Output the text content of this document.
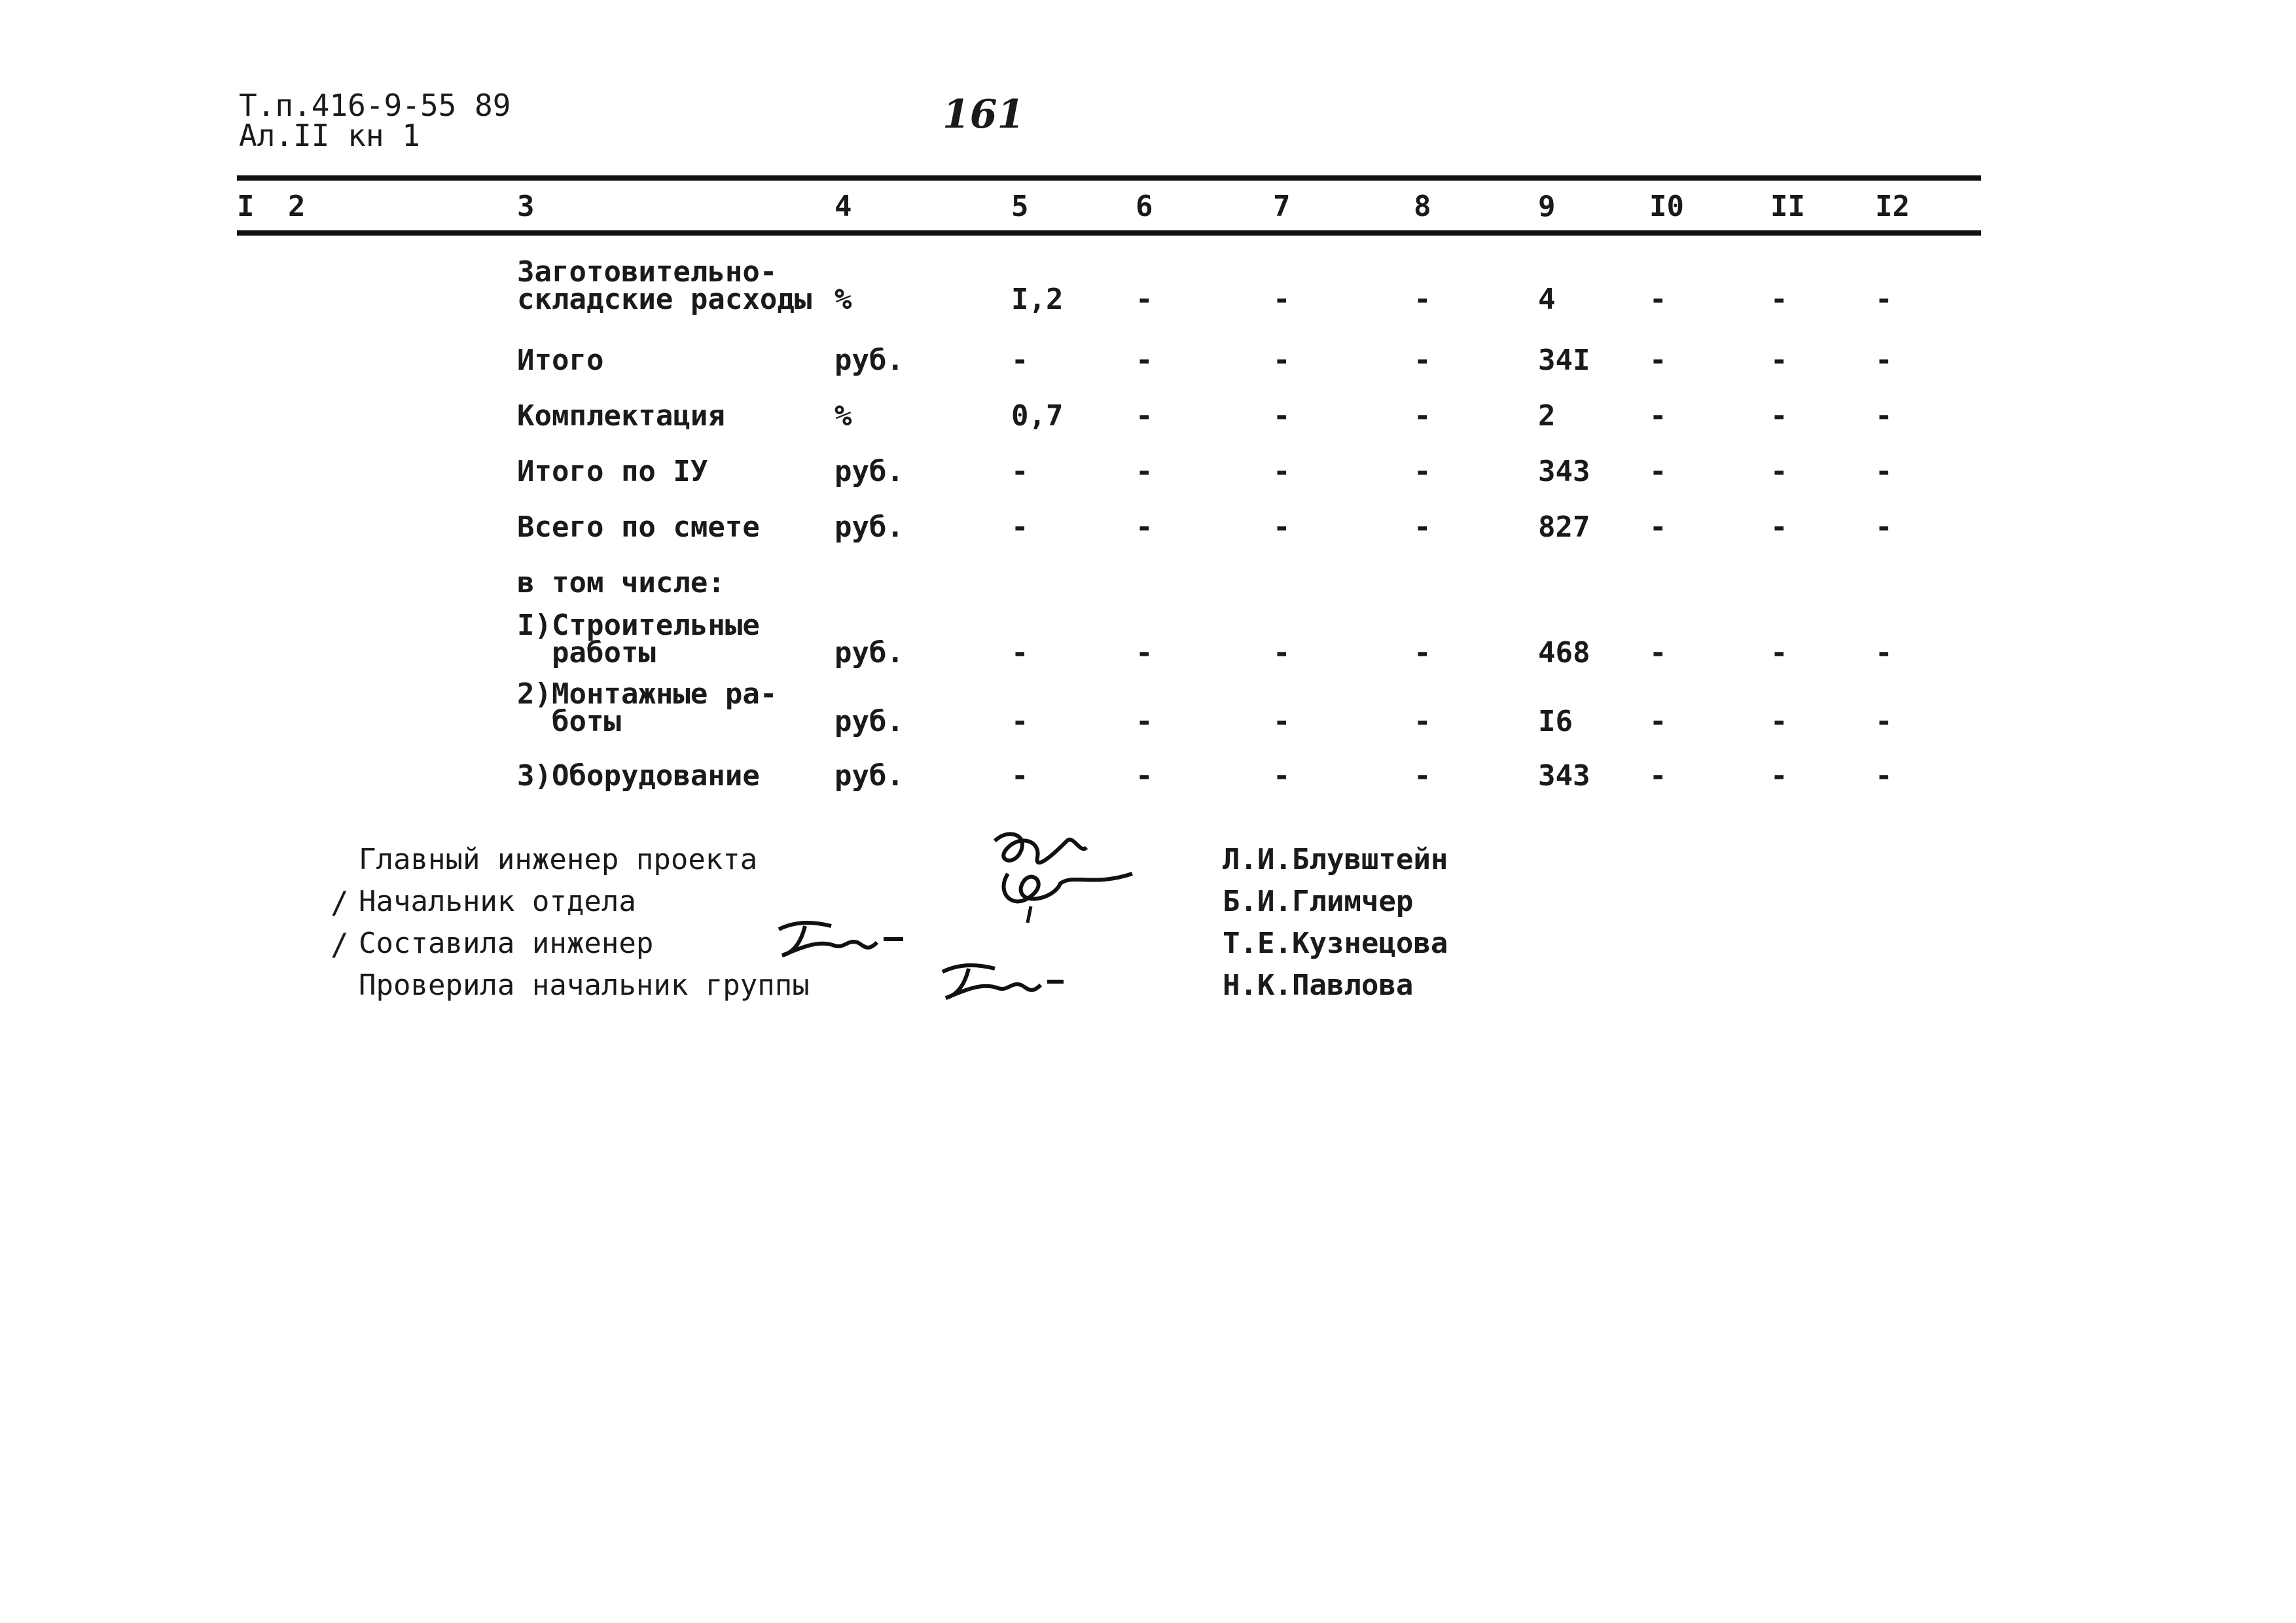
Т.п.416-9-55 89
Ал.II кн 1	161
I 2	3	4	5	6	7	8	9	I0	II I2
Заготовительно-
складские расходы %	I,2	-	-	-	4	-	-	-
Итого	руб.	-	-	-	-	34I -	-	-
Комплектация	%	0,7	-	-	-	2	-	-	-
Итого по IУ	руб.	-	-	-	-	343 -	-	-
Всего по смете	руб.	-	-	-	-	827 -	-	-
в том числе:
I)Строительные
работы	руб.	-	-	-	-	468 -	-	-
2)Монтажные ра-
боты	руб.	-	-	-	-	I6	-	-	-
3)Оборудование	руб.	-	-	-	-	343 -	-	-
Главный инженер проекта	Л.И.Блувштейн
Начальник отдела	Б.И.Глимчер
/
Составила инженер	Т.Е.Кузнецова
/
Проверила начальник группы	Н.К.Павлова
